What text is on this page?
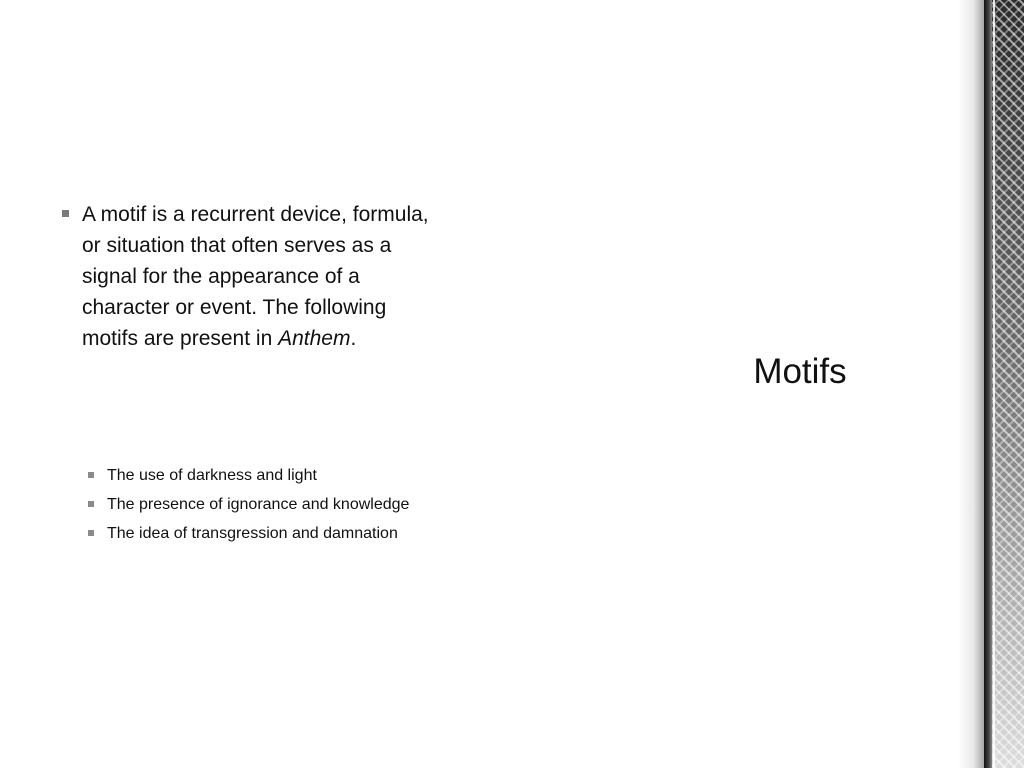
A motif is a recurrent device, formula, or situation that often serves as a signal for the appearance of a character or event. The following motifs are present in Anthem.

The use of darkness and light
The presence of ignorance and knowledge
The idea of transgression and damnation
Motifs
